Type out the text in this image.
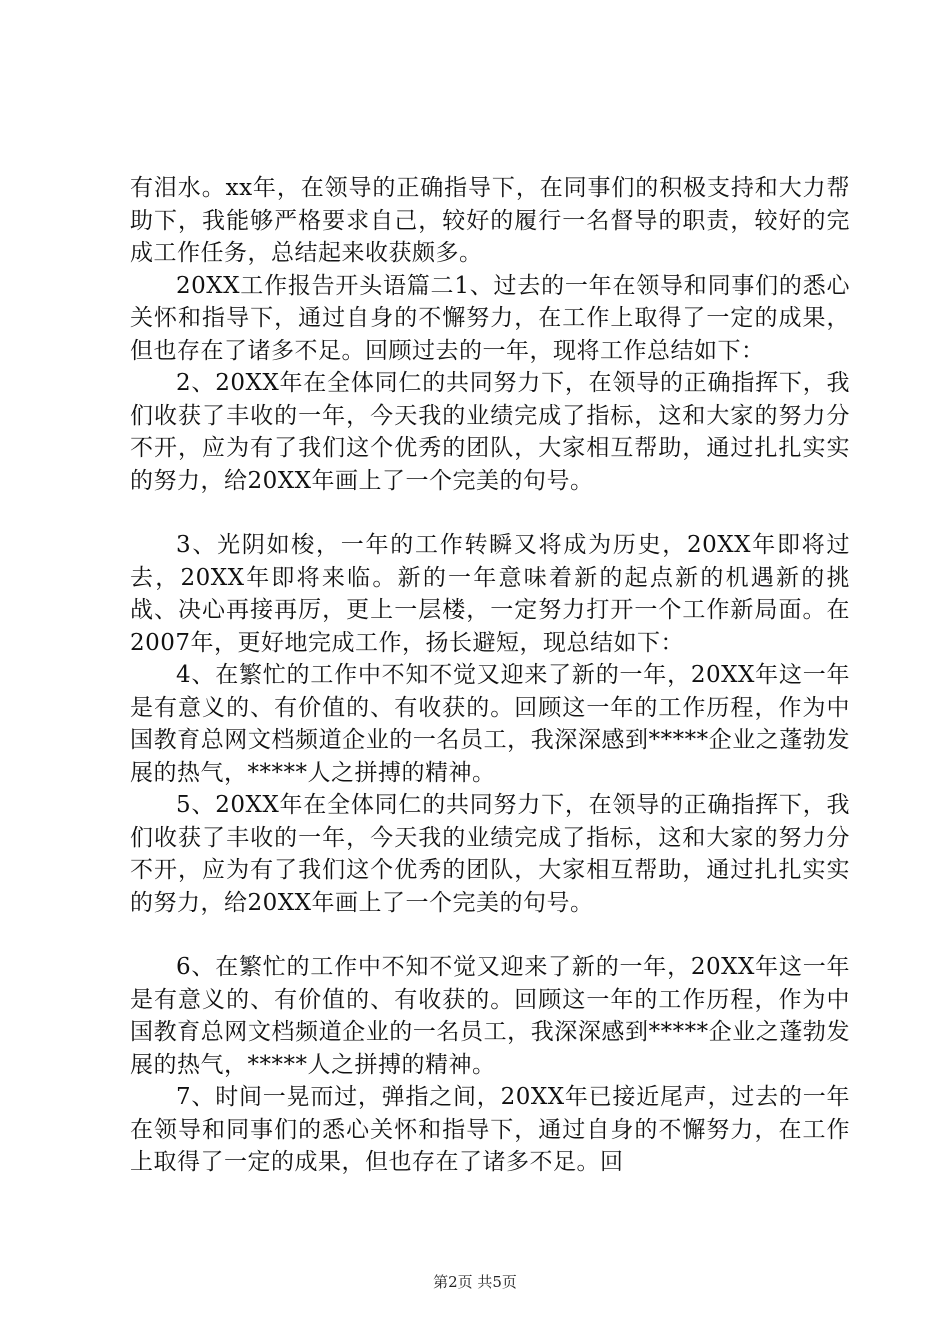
有泪水。xx年，在领导的正确指导下，在同事们的积极支持和大力帮助下，我能够严格要求自己，较好的履行一名督导的职责，较好的完成工作任务，总结起来收获颇多。

20XX工作报告开头语篇二1、过去的一年在领导和同事们的悉心关怀和指导下，通过自身的不懈努力，在工作上取得了一定的成果，但也存在了诸多不足。回顾过去的一年，现将工作总结如下：

2、20XX年在全体同仁的共同努力下，在领导的正确指挥下，我们收获了丰收的一年，今天我的业绩完成了指标，这和大家的努力分不开，应为有了我们这个优秀的团队，大家相互帮助，通过扎扎实实的努力，给20XX年画上了一个完美的句号。

3、光阴如梭，一年的工作转瞬又将成为历史，20XX年即将过去，20XX年即将来临。新的一年意味着新的起点新的机遇新的挑战、决心再接再厉，更上一层楼，一定努力打开一个工作新局面。在2007年，更好地完成工作，扬长避短，现总结如下：

4、在繁忙的工作中不知不觉又迎来了新的一年，20XX年这一年是有意义的、有价值的、有收获的。回顾这一年的工作历程，作为中国教育总网文档频道企业的一名员工，我深深感到*****企业之蓬勃发展的热气，*****人之拼搏的精神。

5、20XX年在全体同仁的共同努力下，在领导的正确指挥下，我们收获了丰收的一年，今天我的业绩完成了指标，这和大家的努力分不开，应为有了我们这个优秀的团队，大家相互帮助，通过扎扎实实的努力，给20XX年画上了一个完美的句号。

6、在繁忙的工作中不知不觉又迎来了新的一年，20XX年这一年是有意义的、有价值的、有收获的。回顾这一年的工作历程，作为中国教育总网文档频道企业的一名员工，我深深感到*****企业之蓬勃发展的热气，*****人之拼搏的精神。

7、时间一晃而过，弹指之间，20XX年已接近尾声，过去的一年在领导和同事们的悉心关怀和指导下，通过自身的不懈努力，在工作上取得了一定的成果，但也存在了诸多不足。回

第2页 共5页
